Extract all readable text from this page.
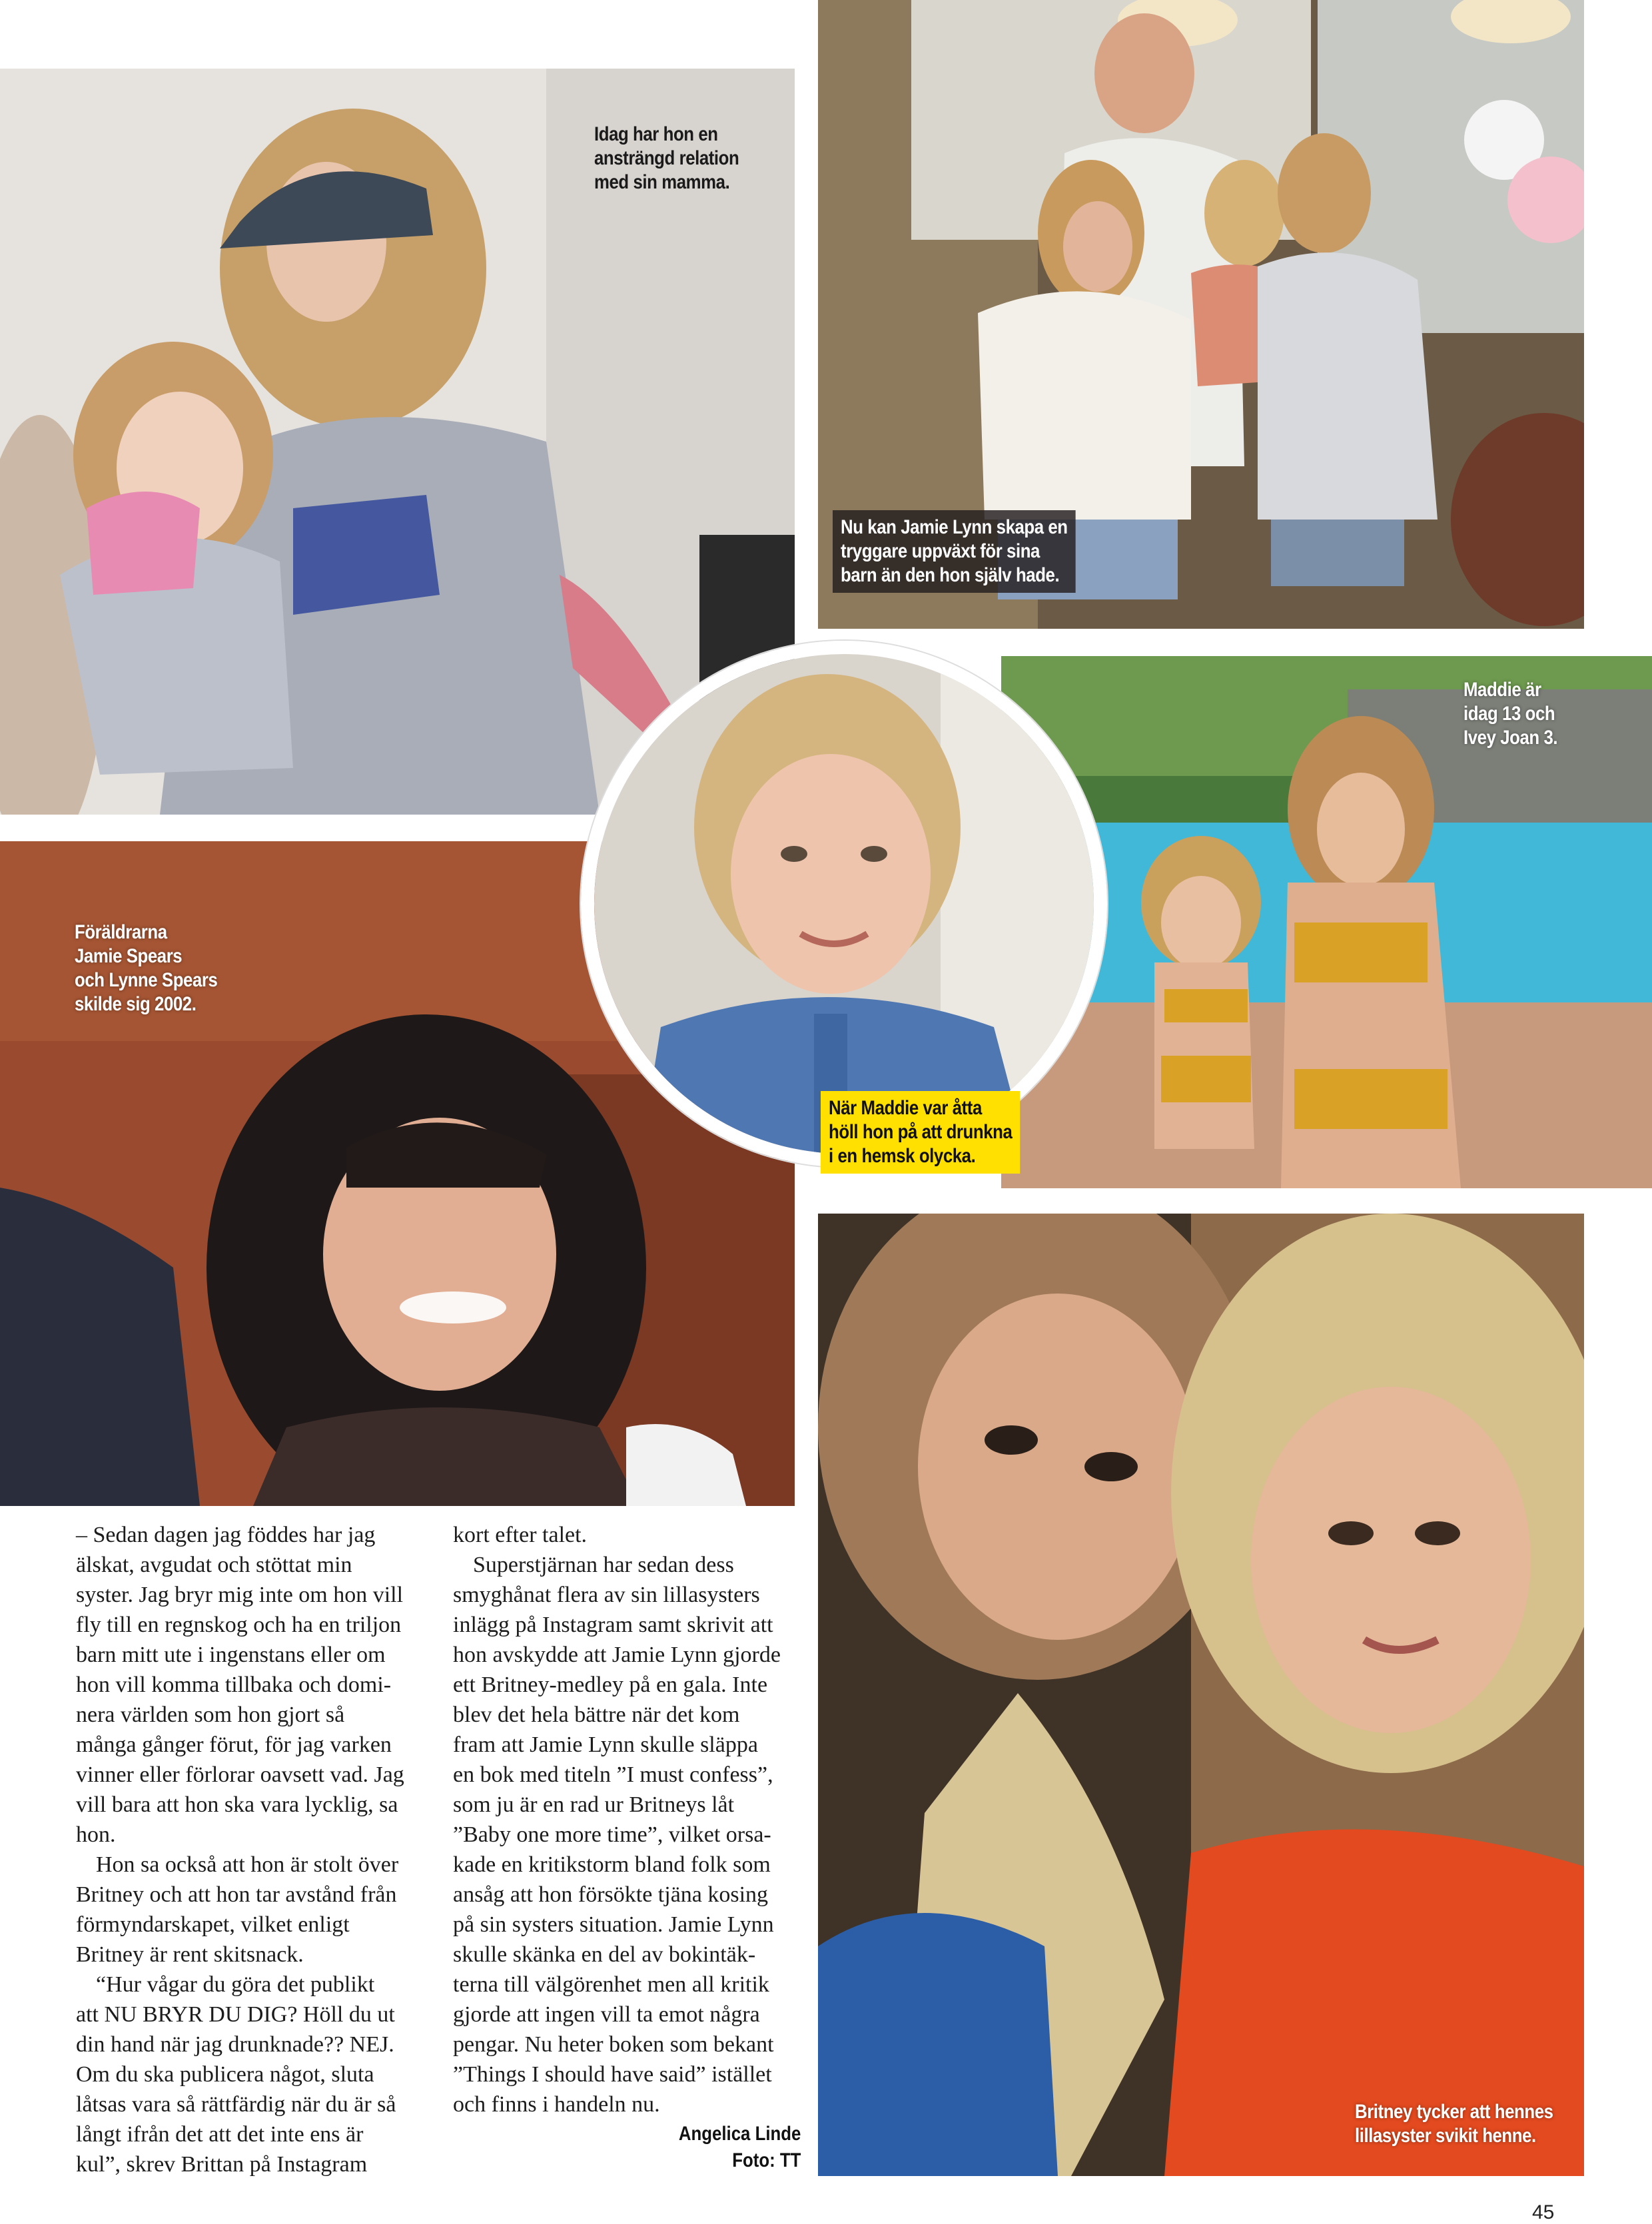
Idag har hon en
ansträngd relation
med sin mamma.
Nu kan Jamie Lynn skapa en
tryggare uppväxt för sina
barn än den hon själv hade.
Maddie är
idag 13 och
Ivey Joan 3.
Föräldrarna
Jamie Spears
och Lynne Spears
skilde sig 2002.
När Maddie var åtta
höll hon på att drunkna
i en hemsk olycka.
Britney tycker att hennes
lillasyster svikit henne.

– Sedan dagen jag föddes har jag
älskat, avgudat och stöttat min
syster. Jag bryr mig inte om hon vill
fly till en regnskog och ha en triljon
barn mitt ute i ingenstans eller om
hon vill komma tillbaka och domi-
nera världen som hon gjort så
många gånger förut, för jag varken
vinner eller förlorar oavsett vad. Jag
vill bara att hon ska vara lycklig, sa
hon.

Hon sa också att hon är stolt över
Britney och att hon tar avstånd från
förmyndarskapet, vilket enligt
Britney är rent skitsnack.

“Hur vågar du göra det publikt
att NU BRYR DU DIG? Höll du ut
din hand när jag drunknade?? NEJ.
Om du ska publicera något, sluta
låtsas vara så rättfärdig när du är så
långt ifrån det att det inte ens är
kul”, skrev Brittan på Instagram

kort efter talet.

Superstjärnan har sedan dess
smyghånat flera av sin lillasysters
inlägg på Instagram samt skrivit att
hon avskydde att Jamie Lynn gjorde
ett Britney-medley på en gala. Inte
blev det hela bättre när det kom
fram att Jamie Lynn skulle släppa
en bok med titeln ”I must confess”,
som ju är en rad ur Britneys låt
”Baby one more time”, vilket orsa-
kade en kritikstorm bland folk som
ansåg att hon försökte tjäna kosing
på sin systers situation. Jamie Lynn
skulle skänka en del av bokintäk-
terna till välgörenhet men all kritik
gjorde att ingen vill ta emot några
pengar. Nu heter boken som bekant
”Things I should have said” istället
och finns i handeln nu.

Angelica Linde
Foto: TT
45
